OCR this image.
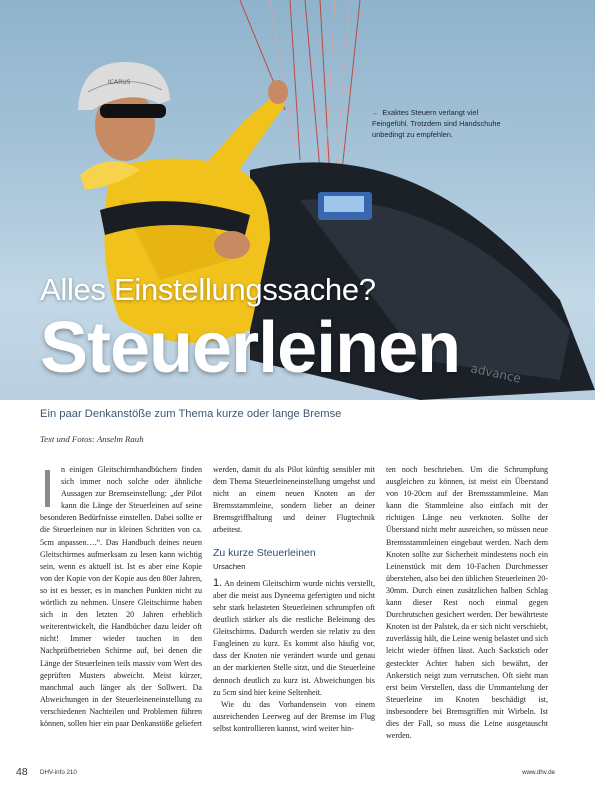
ICARUS
advance
← Exaktes Steuern verlangt viel Feingefühl. Trotzdem sind Handschuhe unbedingt zu empfehlen.
Alles Einstellungssache?
Steuerleinen
Ein paar Denkanstöße zum Thema kurze oder lange Bremse
Text und Fotos: Anselm Rauh
I n einigen Gleitschirmhandbüchern finden sich immer noch solche oder ähnliche Aussagen zur Bremseinstellung: „der Pilot kann die Länge der Steuerleinen auf seine besonderen Bedürfnisse einstellen. Dabei sollte er die Steuerleinen nur in kleinen Schritten von ca. 5cm anpassen….“. Das Handbuch deines neuen Gleitschirmes aufmerksam zu lesen kann wichtig sein, wenn es aktuell ist. Ist es aber eine Kopie von der Kopie von der Kopie aus den 80er Jahren, so ist es besser, es in manchen Punkten nicht zu wörtlich zu nehmen. Unsere Gleitschirme haben sich in den letzten 20 Jahren erheblich weiterentwickelt, die Handbücher dazu leider oft nicht! Immer wieder tauchen in den Nachprüfbetrieben Schirme auf, bei denen die Länge der Steuerleinen teils massiv vom Wert des geprüften Musters abweicht. Meist kürzer, manchmal auch länger als der Sollwert. Da Abweichungen in der Steuerleineneinstellung zu verschiedenen Nachteilen und Problemen führen können, sollen hier ein paar Denkanstöße geliefert

werden, damit du als Pilot künftig sensibler mit dem Thema Steuerleineneinstellung umgehst und nicht an einem neuen Knoten an der Bremsstammleine, sondern lieber an deiner Bremsgriffhaltung und deiner Flugtechnik arbeitest.

Zu kurze Steuerleinen
Ursachen

1. An deinem Gleitschirm wurde nichts verstellt, aber die meist aus Dyneema gefertigten und nicht sehr stark belasteten Steuerleinen schrumpfen oft deutlich stärker als die restliche Beleinung des Gleitschirms. Dadurch werden sie relativ zu den Fangleinen zu kurz. Es kommt also häufig vor, dass der Knoten nie verändert wurde und genau an der markierten Stelle sitzt, und die Steuerleine dennoch deutlich zu kurz ist. Abweichungen bis zu 5cm sind hier keine Seltenheit.

Wie du das Vorhandensein von einem ausreichenden Leerweg auf der Bremse im Flug selbst kontrollieren kannst, wird weiter hin-

ten noch beschrieben. Um die Schrumpfung ausgleichen zu können, ist meist ein Überstand von 10-20cm auf der Bremsstammleine. Man kann die Stammleine also einfach mit der richtigen Länge neu verknoten. Sollte der Überstand nicht mehr ausreichen, so müssen neue Bremsstammleinen eingebaut werden. Nach dem Knoten sollte zur Sicherheit mindestens noch ein Leinenstück mit dem 10-Fachen Durchmesser überstehen, also bei den üblichen Steuerleinen 20-30mm. Durch einen zusätzlichen halben Schlag kann dieser Rest noch einmal gegen Durchrutschen gesichert werden. Der bewährteste Knoten ist der Palstek, da er sich nicht verschiebt, zuverlässig hält, die Leine wenig belastet und sich leicht wieder öffnen lässt. Auch Sackstich oder gesteckter Achter haben sich bewährt, der Ankerstich neigt zum verrutschen. Oft sieht man erst beim Verstellen, dass die Ummantelung der Steuerleine im Knoten beschädigt ist, insbesondere bei Bremsgriffen mit Wirbeln. Ist dies der Fall, so muss die Leine ausgetauscht werden.

48 DHV-info 210	www.dhv.de
